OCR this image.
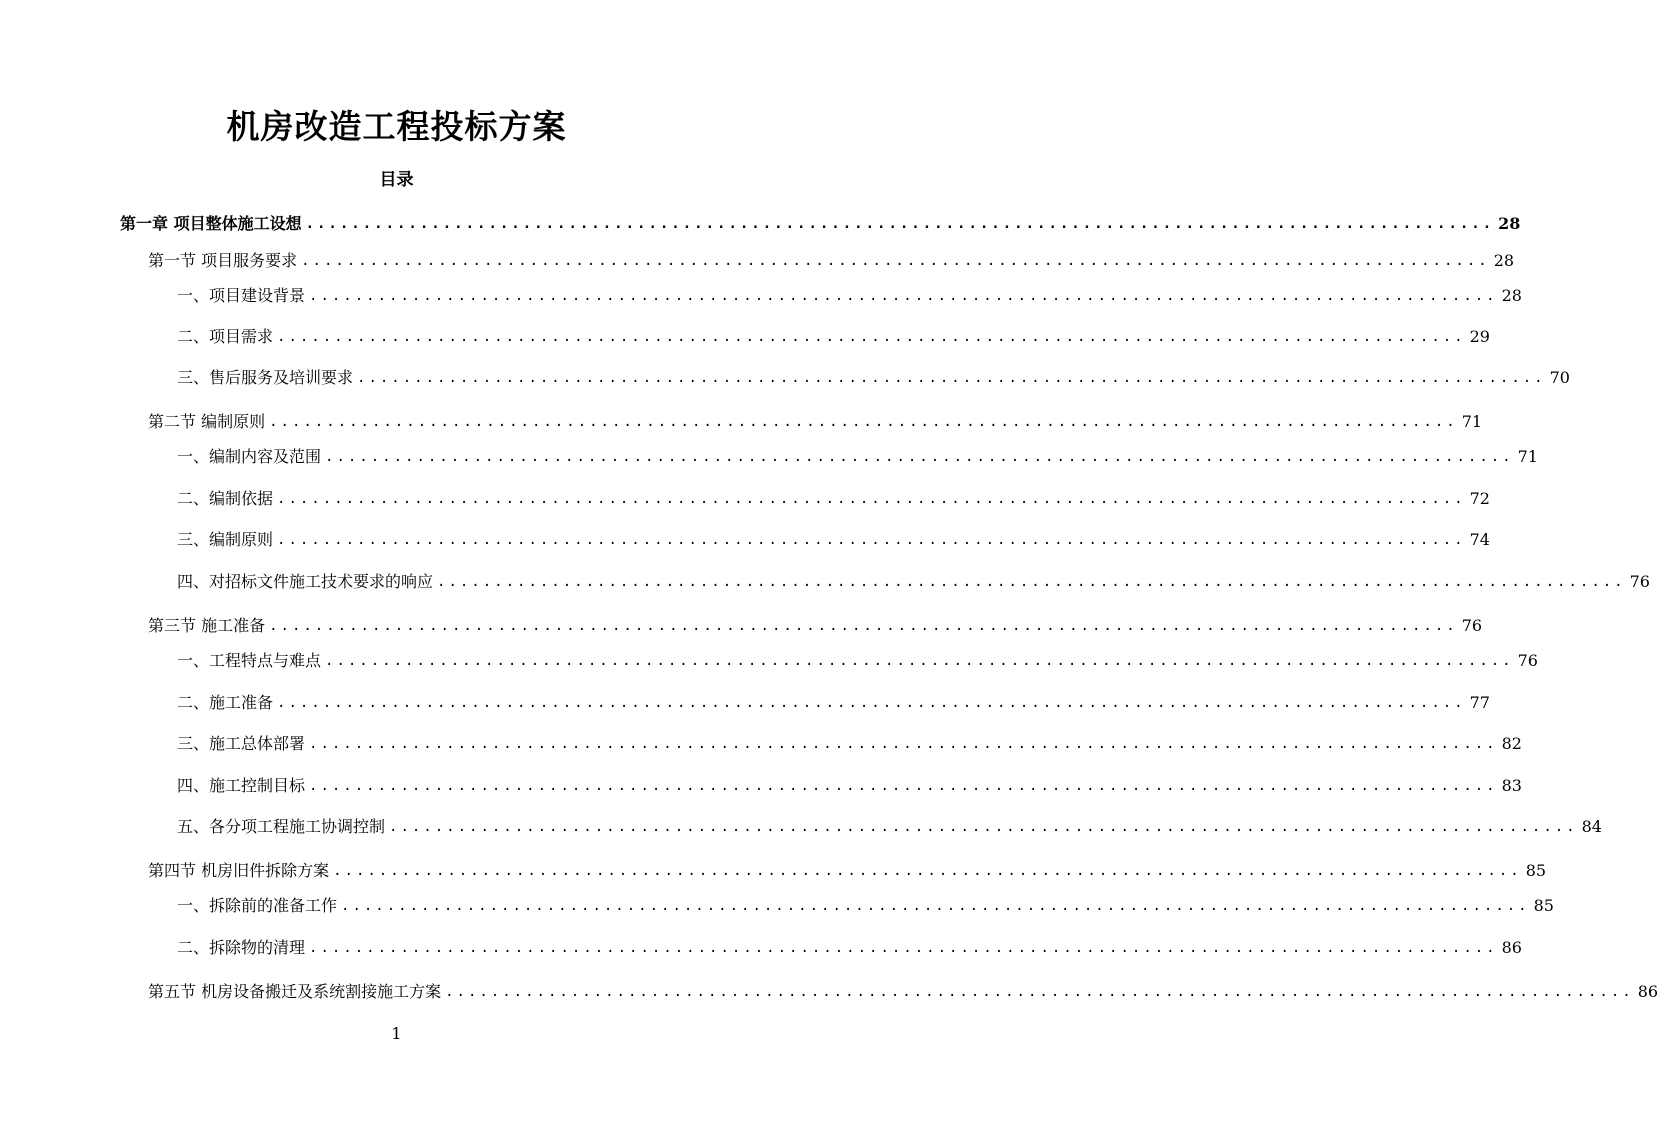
机房改造工程投标方案
目录
第一章 项目整体施工设想 ........................................................................................................ 28
第一节 项目服务要求 ........................................................................................................ 28
一、项目建设背景 ........................................................................................................ 28
二、项目需求 ........................................................................................................ 29
三、售后服务及培训要求 ........................................................................................................ 70
第二节 编制原则 ........................................................................................................ 71
一、编制内容及范围 ........................................................................................................ 71
二、编制依据 ........................................................................................................ 72
三、编制原则 ........................................................................................................ 74
四、对招标文件施工技术要求的响应 ........................................................................................................ 76
第三节 施工准备 ........................................................................................................ 76
一、工程特点与难点 ........................................................................................................ 76
二、施工准备 ........................................................................................................ 77
三、施工总体部署 ........................................................................................................ 82
四、施工控制目标 ........................................................................................................ 83
五、各分项工程施工协调控制 ........................................................................................................ 84
第四节 机房旧件拆除方案 ........................................................................................................ 85
一、拆除前的准备工作 ........................................................................................................ 85
二、拆除物的清理 ........................................................................................................ 86
第五节 机房设备搬迁及系统割接施工方案 ........................................................................................................ 86
1
